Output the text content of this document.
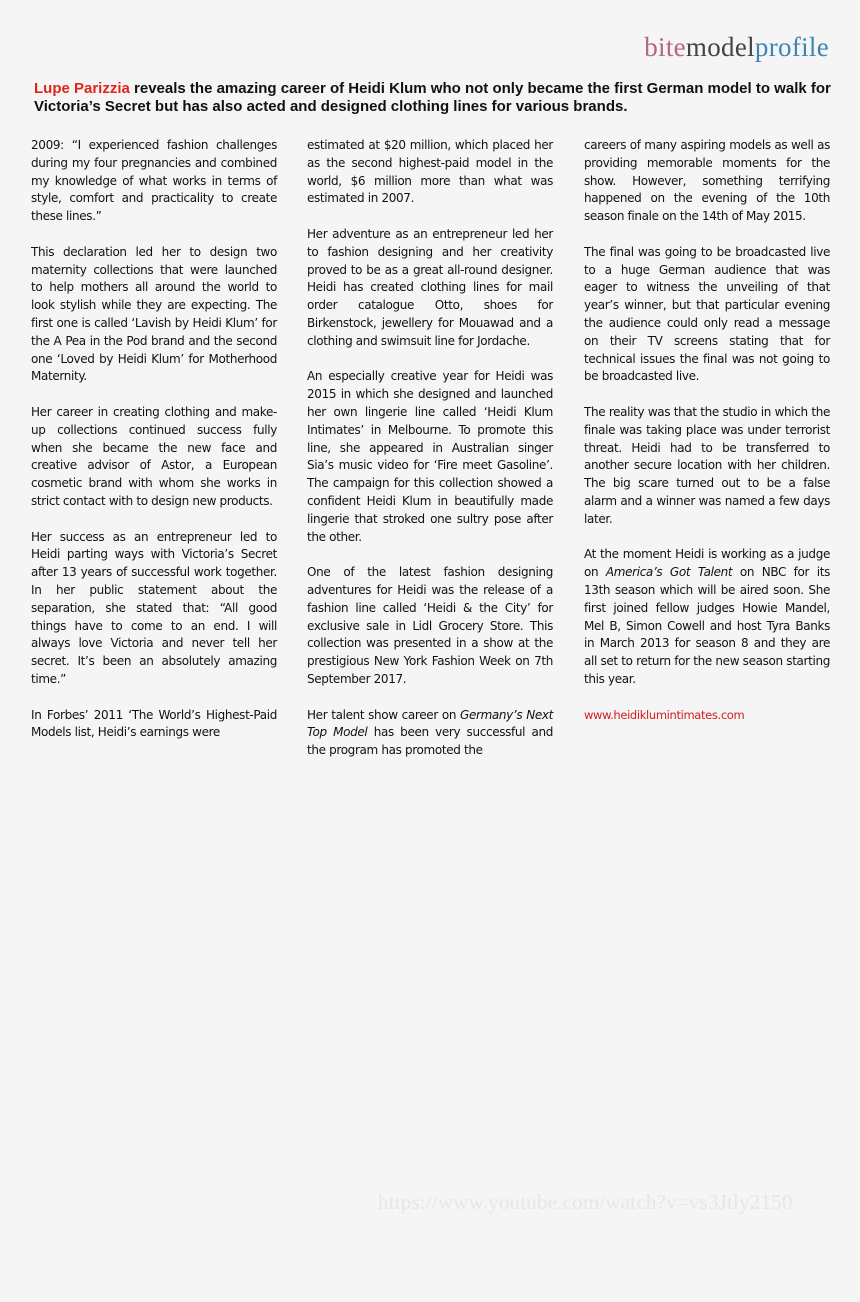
bitemodelprofile
Lupe Parizzia reveals the amazing career of Heidi Klum who not only became the first German model to walk for Victoria’s Secret but has also acted and designed clothing lines for various brands.

2009: “I experienced fashion challenges during my four pregnancies and combined my knowledge of what works in terms of style, comfort and practicality to create these lines.”

This declaration led her to design two maternity collections that were launched to help mothers all around the world to look stylish while they are expecting. The first one is called ‘Lavish by Heidi Klum’ for the A Pea in the Pod brand and the second one ‘Loved by Heidi Klum’ for Motherhood Maternity.

Her career in creating clothing and make-up collections continued success fully when she became the new face and creative advisor of Astor, a European cosmetic brand with whom she works in strict contact with to design new products.

Her success as an entrepreneur led to Heidi parting ways with Victoria’s Secret after 13 years of successful work together. In her public statement about the separation, she stated that: “All good things have to come to an end. I will always love Victoria and never tell her secret. It’s been an absolutely amazing time.”

In Forbes’ 2011 ‘The World’s Highest-Paid Models list, Heidi’s earnings were

estimated at $20 million, which placed her as the second highest-paid model in the world, $6 million more than what was estimated in 2007.

Her adventure as an entrepreneur led her to fashion designing and her creativity proved to be as a great all-round designer. Heidi has created clothing lines for mail order catalogue Otto, shoes for Birkenstock, jewellery for Mouawad and a clothing and swimsuit line for Jordache.

An especially creative year for Heidi was 2015 in which she designed and launched her own lingerie line called ‘Heidi Klum Intimates’ in Melbourne. To promote this line, she appeared in Australian singer Sia’s music video for ‘Fire meet Gasoline’. The campaign for this collection showed a confident Heidi Klum in beautifully made lingerie that stroked one sultry pose after the other.

One of the latest fashion designing adventures for Heidi was the release of a fashion line called ‘Heidi & the City’ for exclusive sale in Lidl Grocery Store. This collection was presented in a show at the prestigious New York Fashion Week on 7th September 2017.

Her talent show career on Germany’s Next Top Model has been very successful and the program has promoted the

careers of many aspiring models as well as providing memorable moments for the show. However, something terrifying happened on the evening of the 10th season finale on the 14th of May 2015.

The final was going to be broadcasted live to a huge German audience that was eager to witness the unveiling of that year’s winner, but that particular evening the audience could only read a message on their TV screens stating that for technical issues the final was not going to be broadcasted live.

The reality was that the studio in which the finale was taking place was under terrorist threat. Heidi had to be transferred to another secure location with her children. The big scare turned out to be a false alarm and a winner was named a few days later.

At the moment Heidi is working as a judge on America’s Got Talent on NBC for its 13th season which will be aired soon. She first joined fellow judges Howie Mandel, Mel B, Simon Cowell and host Tyra Banks in March 2013 for season 8 and they are all set to return for the new season starting this year.

www.heidiklumintimates.com

https://www.youtube.com/watch?v=vs3Jtly2150
